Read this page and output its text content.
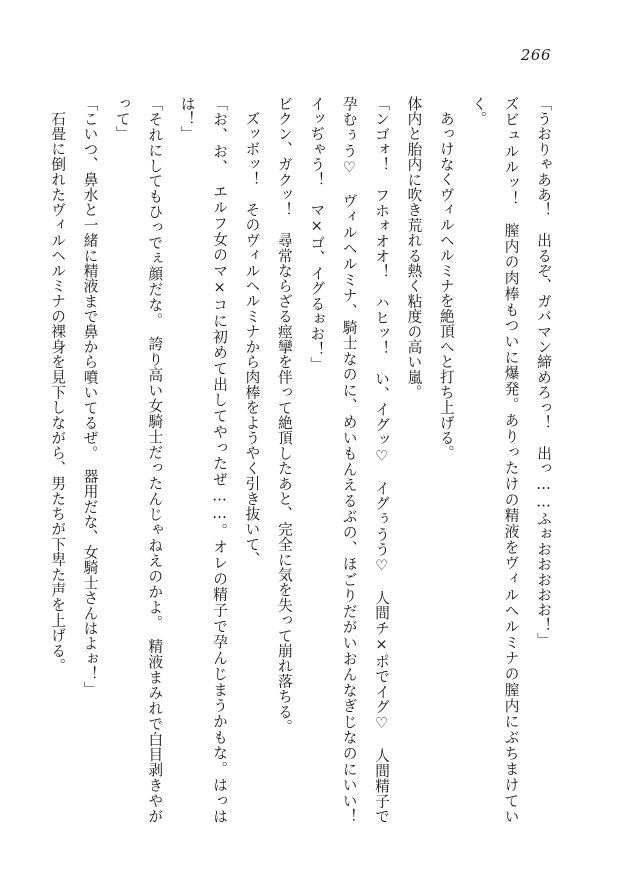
266

「うおりゃああ！　出るぞ、ガバマン締めろっ！　出っ……ふぉおおおおお！」

ズビュルルッ！　膣内の肉棒もついに爆発。ありったけの精液をヴィルヘルミナの膣内にぶちまけていく。

あっけなくヴィルヘルミナを絶頂へと打ち上げる。

体内と胎内に吹き荒れる熱く粘度の高い嵐。

「ンゴォ！　フホォオオ！　ハヒッ！　い、イグッ♡　イグぅうう♡　人間チ×ポでイグ♡　人間精子で孕むぅう♡　ヴィルヘルミナ、騎士なのに、めいもんえるぶの、ほごりだがいおんなぎじなのにいい！　イッぢゃう！　マ×ゴ、イグるぉお！」

ビクン、ガクッ！　尋常ならざる痙攣を伴って絶頂したあと、完全に気を失って崩れ落ちる。

ズッボッ！　そのヴィルヘルミナから肉棒をようやく引き抜いて、

「お、お、　エルフ女のマ×コに初めて出してやったぜ……。オレの精子で孕んじまうかもな。はっはは！」

「それにしてもひっでぇ顔だな。　誇り高い女騎士だったんじゃねえのかよ。　精液まみれで白目剥きやがって」

「こいつ、鼻水と一緒に精液まで鼻から噴いてるぜ。　器用だな、女騎士さんはよぉ！」

石畳に倒れたヴィルヘルミナの裸身を見下しながら、男たちが下卑た声を上げる。
